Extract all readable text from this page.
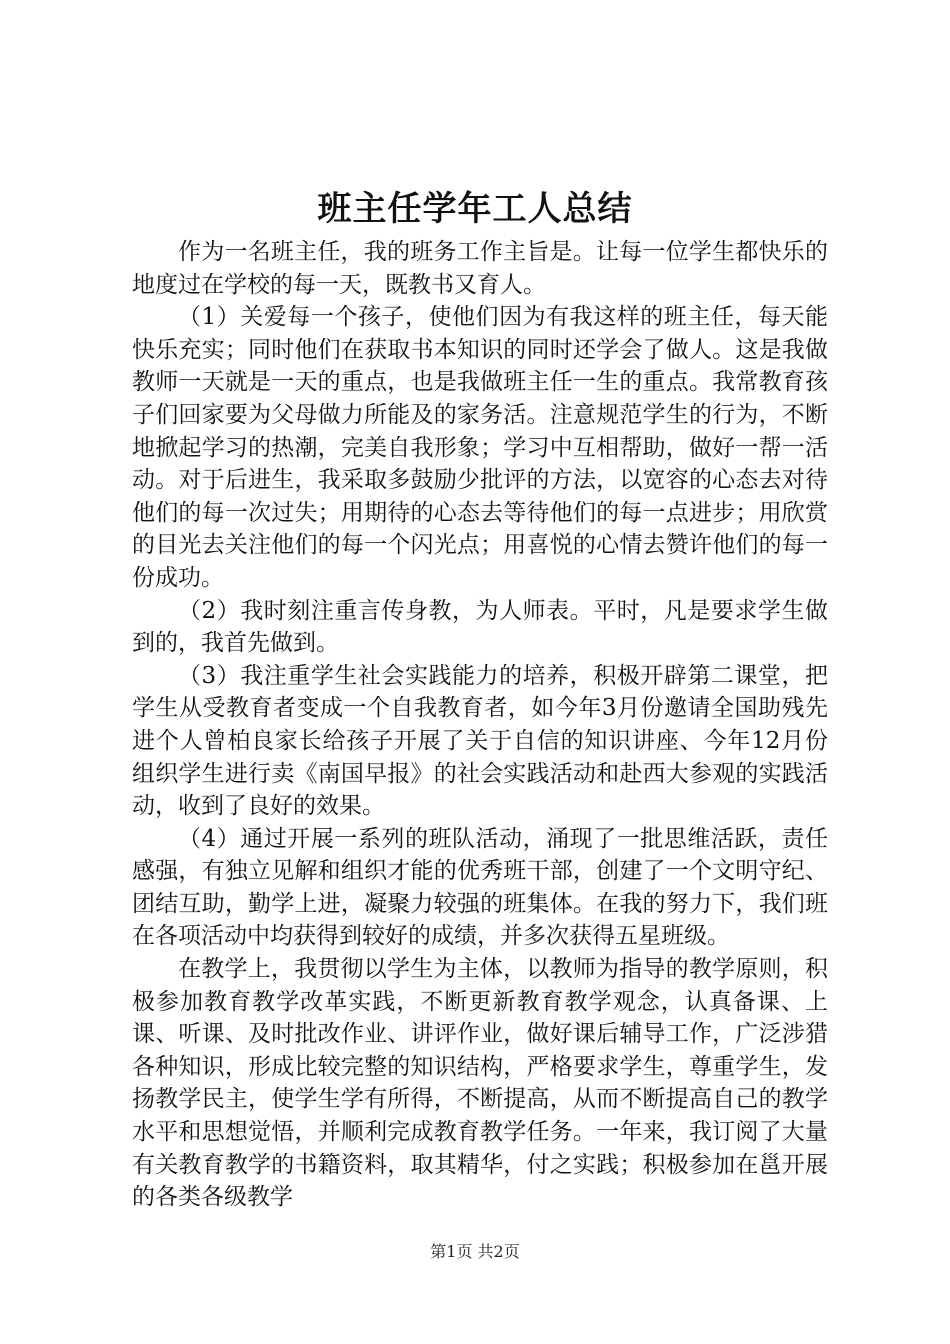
班主任学年工人总结

作为一名班主任，我的班务工作主旨是。让每一位学生都快乐的地度过在学校的每一天，既教书又育人。

（1）关爱每一个孩子，使他们因为有我这样的班主任，每天能快乐充实；同时他们在获取书本知识的同时还学会了做人。这是我做教师一天就是一天的重点，也是我做班主任一生的重点。我常教育孩子们回家要为父母做力所能及的家务活。注意规范学生的行为，不断地掀起学习的热潮，完美自我形象；学习中互相帮助，做好一帮一活动。对于后进生，我采取多鼓励少批评的方法，以宽容的心态去对待他们的每一次过失；用期待的心态去等待他们的每一点进步；用欣赏的目光去关注他们的每一个闪光点；用喜悦的心情去赞许他们的每一份成功。

（2）我时刻注重言传身教，为人师表。平时，凡是要求学生做到的，我首先做到。

（3）我注重学生社会实践能力的培养，积极开辟第二课堂，把学生从受教育者变成一个自我教育者，如今年3月份邀请全国助残先进个人曾柏良家长给孩子开展了关于自信的知识讲座、今年12月份组织学生进行卖《南国早报》的社会实践活动和赴西大参观的实践活动，收到了良好的效果。

（4）通过开展一系列的班队活动，涌现了一批思维活跃，责任感强，有独立见解和组织才能的优秀班干部，创建了一个文明守纪、团结互助，勤学上进，凝聚力较强的班集体。在我的努力下，我们班在各项活动中均获得到较好的成绩，并多次获得五星班级。

在教学上，我贯彻以学生为主体，以教师为指导的教学原则，积极参加教育教学改革实践，不断更新教育教学观念，认真备课、上课、听课、及时批改作业、讲评作业，做好课后辅导工作，广泛涉猎各种知识，形成比较完整的知识结构，严格要求学生，尊重学生，发扬教学民主，使学生学有所得，不断提高，从而不断提高自己的教学水平和思想觉悟，并顺利完成教育教学任务。一年来，我订阅了大量有关教育教学的书籍资料，取其精华，付之实践；积极参加在邕开展的各类各级教学

第1页 共2页
